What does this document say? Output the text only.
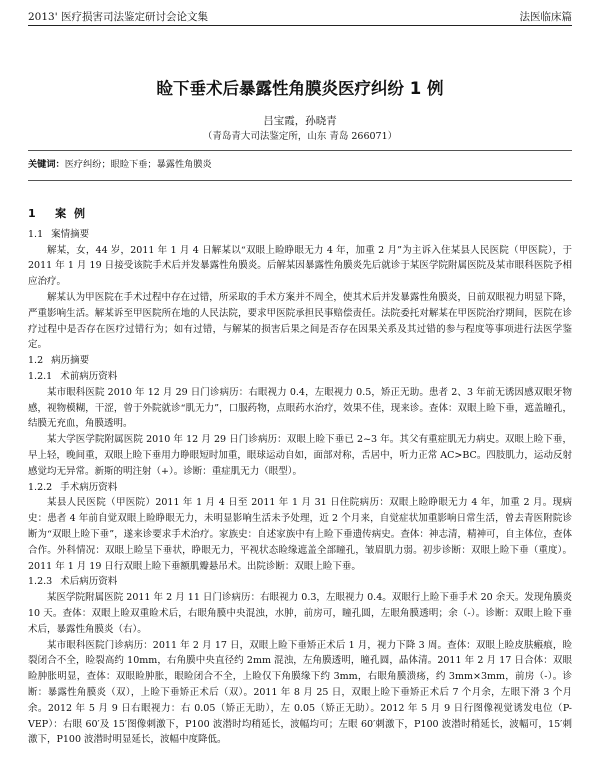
2013' 医疗损害司法鉴定研讨会论文集	法医临床篇
睑下垂术后暴露性角膜炎医疗纠纷 1 例
吕宝霞，孙晓青
（青岛青大司法鉴定所，山东 青岛 266071）
关键词：医疗纠纷；眼睑下垂；暴露性角膜炎
1 案 例
1.1 案情摘要

解某，女，44 岁，2011 年 1 月 4 日解某以“双眼上睑睁眼无力 4 年，加重 2 月”为主诉入住某县人民医院（甲医院），于 2011 年 1 月 19 日接受该院手术后并发暴露性角膜炎。后解某因暴露性角膜炎先后就诊于某医学院附属医院及某市眼科医院予相应治疗。

解某认为甲医院在手术过程中存在过错，所采取的手术方案并不周全，使其术后并发暴露性角膜炎，日前双眼视力明显下降，严重影响生活。解某诉至甲医院所在地的人民法院，要求甲医院承担民事赔偿责任。法院委托对解某在甲医院治疗期间，医院在诊疗过程中是否存在医疗过错行为；如有过错，与解某的损害后果之间是否存在因果关系及其过错的参与程度等事项进行法医学鉴定。

1.2 病历摘要
1.2.1 术前病历资料

某市眼科医院 2010 年 12 月 29 日门诊病历：右眼视力 0.4，左眼视力 0.5，矫正无助。患者 2、3 年前无诱因感双眼牙物感，视物模糊，干涩，曾于外院就诊“肌无力”，口服药物，点眼药水治疗，效果不佳，现来诊。查体：双眼上睑下垂，遮盖瞳孔，结膜无充血，角膜透明。

某大学医学院附属医院 2010 年 12 月 29 日门诊病历：双眼上睑下垂已 2~3 年。其父有重症肌无力病史。双眼上睑下垂，早上轻，晚间重，双眼上睑下垂用力睁眼短时加重，眼球运动自如，面部对称，舌居中，听力正常 AC>BC。四肢肌力，运动反射感觉均无异常。新斯的明注射（+）。诊断：重症肌无力（眼型）。

1.2.2 手术病历资料

某县人民医院（甲医院）2011 年 1 月 4 日至 2011 年 1 月 31 日住院病历：双眼上睑睁眼无力 4 年，加重 2 月。现病史：患者 4 年前自觉双眼上睑睁眼无力，未明显影响生活未予处理，近 2 个月来，自觉症状加重影响日常生活，曾去青医附院诊断为“双眼上睑下垂”，遂来诊要求手术治疗。家族史：自述家族中有上睑下垂遗传病史。查体：神志清，精神可，自主体位，查体合作。外科情况：双眼上睑呈下垂状，睁眼无力，平视状态睑缘遮盖全部瞳孔，皱眉肌力弱。初步诊断：双眼上睑下垂（重度）。2011 年 1 月 19 日行双眼上睑下垂额肌瓣悬吊术。出院诊断：双眼上睑下垂。

1.2.3 术后病历资料

某医学院附属医院 2011 年 2 月 11 日门诊病历：右眼视力 0.3，左眼视力 0.4。双眼行上睑下垂手术 20 余天。发现角膜炎 10 天。查体：双眼上睑双重睑术后，右眼角膜中央混浊，水肿，前房可，瞳孔圆，左眼角膜透明；余（-）。诊断：双眼上睑下垂术后，暴露性角膜炎（右）。

某市眼科医院门诊病历：2011 年 2 月 17 日，双眼上睑下垂矫正术后 1 月，视力下降 3 周。查体：双眼上睑皮肤瘢痕，睑裂闭合不全，睑裂高约 10mm，右角膜中央直径约 2mm 混浊，左角膜透明，瞳孔圆，晶体清。2011 年 2 月 17 日合体：双眼睑肿胀明显，查体：双眼睑肿胀，眼睑闭合不全，上睑仅下角膜缘下约 3mm，右眼角膜溃疡，约 3mm×3mm，前房（-）。诊断：暴露性角膜炎（双），上睑下垂矫正术后（双）。2011 年 8 月 25 日，双眼上睑下垂矫正术后 7 个月余，左眼下滑 3 个月余。2012 年 5 月 9 日右眼视力：右 0.05（矫正无助），左 0.05（矫正无助）。2012 年 5 月 9 日行图像视觉诱发电位（P-VEP）：右眼 60′及 15′图像刺激下，P100 波潜时均稍延长，波幅均可；左眼 60′刺激下，P100 波潜时稍延长，波幅可，15′刺激下，P100 波潜时明显延长，波幅中度降低。
